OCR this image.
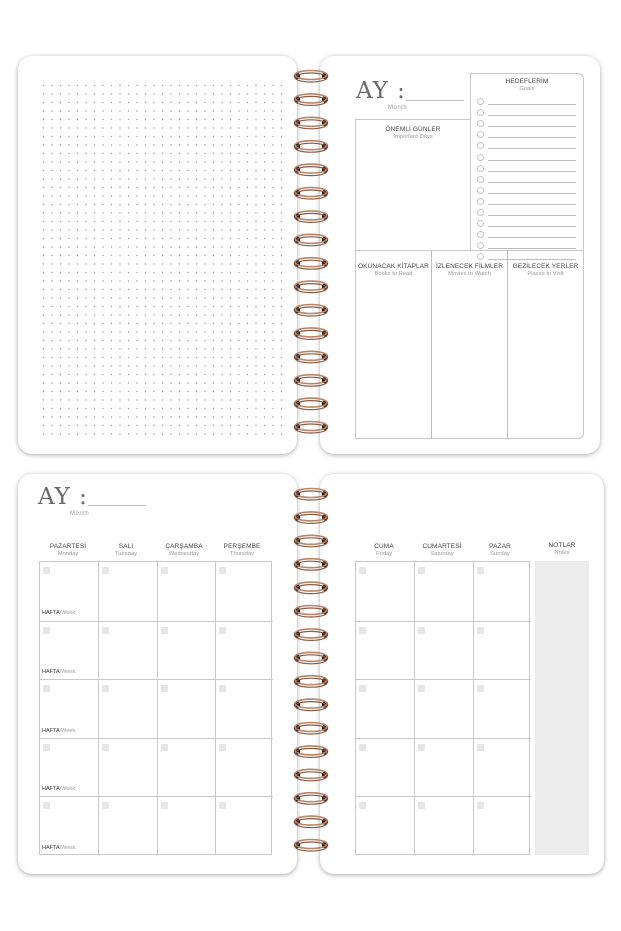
AY :
Month
HEDEFLERİM
Goals
ÖNEMLİ GÜNLER
Important Days
OKUNACAK KİTAPLAR
Books to Read
İZLENECEK FİLMLER
Movies to Watch
GEZİLECEK YERLER
Places to Visit
AY :
Month
PAZARTESİ
Monday
SALI
Tuesday
ÇARŞAMBA
Wednesday
PERŞEMBE
Thursday
HAFTA/Week:
HAFTA/Week:
HAFTA/Week:
HAFTA/Week:
HAFTA/Week:
CUMA
Friday
CUMARTESİ
Saturday
PAZAR
Sunday
NOTLAR
Notes
